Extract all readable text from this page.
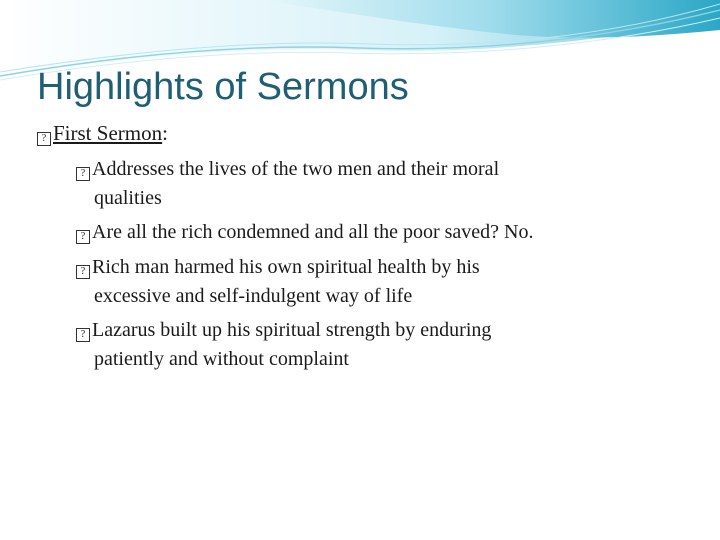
Highlights of Sermons
? First Sermon:
? Addresses the lives of the two men and their moral
qualities
? Are all the rich condemned and all the poor saved? No.
? Rich man harmed his own spiritual health by his
excessive and self-indulgent way of life
? Lazarus built up his spiritual strength by enduring
patiently and without complaint
